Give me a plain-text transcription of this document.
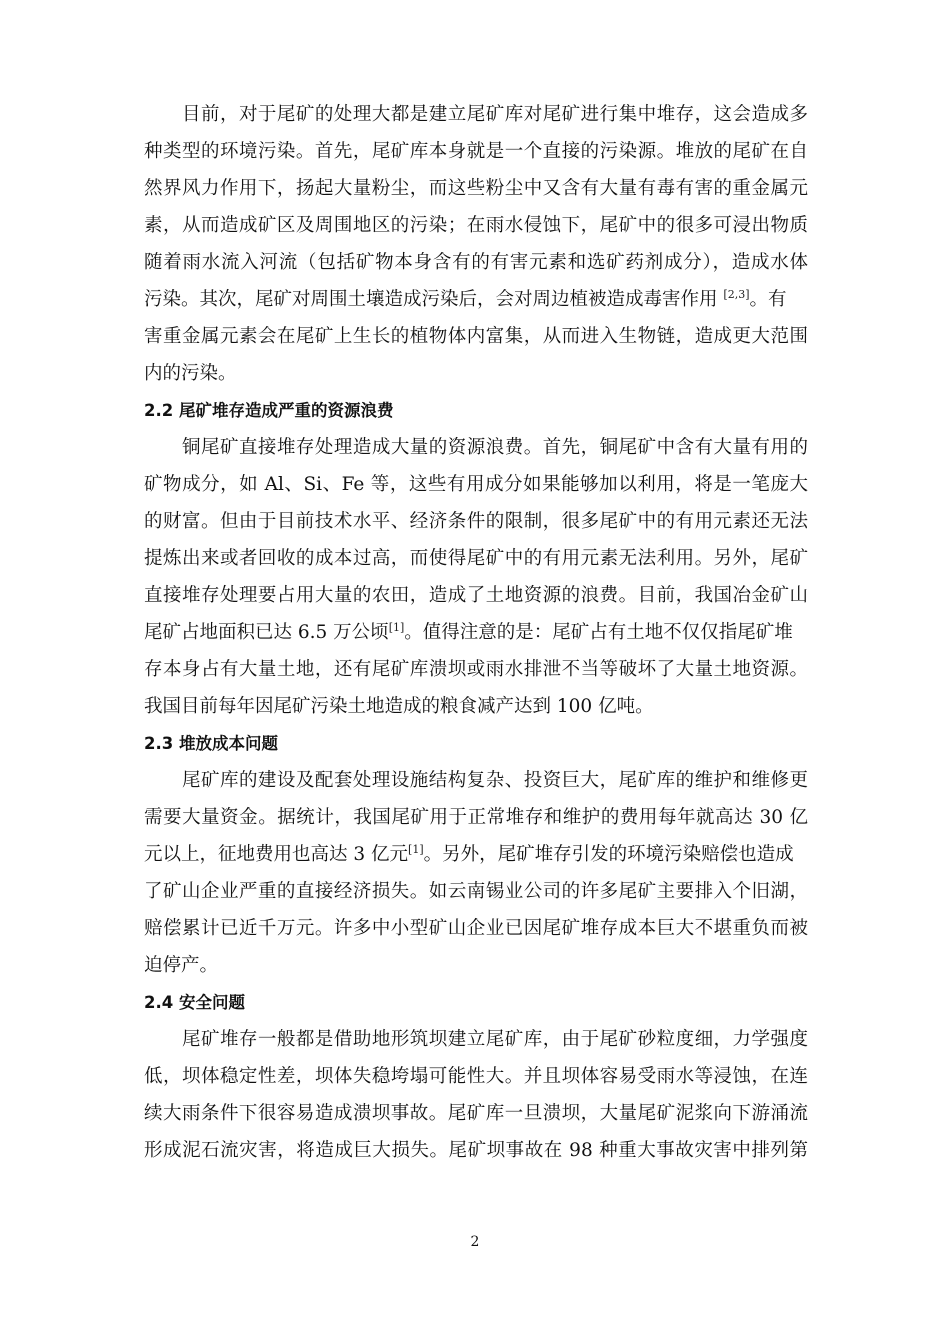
目前，对于尾矿的处理大都是建立尾矿库对尾矿进行集中堆存，这会造成多
种类型的环境污染。首先，尾矿库本身就是一个直接的污染源。堆放的尾矿在自
然界风力作用下，扬起大量粉尘，而这些粉尘中又含有大量有毒有害的重金属元
素，从而造成矿区及周围地区的污染；在雨水侵蚀下，尾矿中的很多可浸出物质
随着雨水流入河流（包括矿物本身含有的有害元素和选矿药剂成分），造成水体
污染。其次，尾矿对周围土壤造成污染后，会对周边植被造成毒害作用 [2,3]。有
害重金属元素会在尾矿上生长的植物体内富集，从而进入生物链，造成更大范围
内的污染。
2.2 尾矿堆存造成严重的资源浪费
铜尾矿直接堆存处理造成大量的资源浪费。首先，铜尾矿中含有大量有用的
矿物成分，如 Al、Si、Fe 等，这些有用成分如果能够加以利用，将是一笔庞大
的财富。但由于目前技术水平、经济条件的限制，很多尾矿中的有用元素还无法
提炼出来或者回收的成本过高，而使得尾矿中的有用元素无法利用。另外，尾矿
直接堆存处理要占用大量的农田，造成了土地资源的浪费。目前，我国冶金矿山
尾矿占地面积已达 6.5 万公顷[1]。值得注意的是：尾矿占有土地不仅仅指尾矿堆
存本身占有大量土地，还有尾矿库溃坝或雨水排泄不当等破坏了大量土地资源。
我国目前每年因尾矿污染土地造成的粮食减产达到 100 亿吨。
2.3 堆放成本问题
尾矿库的建设及配套处理设施结构复杂、投资巨大，尾矿库的维护和维修更
需要大量资金。据统计，我国尾矿用于正常堆存和维护的费用每年就高达 30 亿
元以上，征地费用也高达 3 亿元[1]。另外，尾矿堆存引发的环境污染赔偿也造成
了矿山企业严重的直接经济损失。如云南锡业公司的许多尾矿主要排入个旧湖，
赔偿累计已近千万元。许多中小型矿山企业已因尾矿堆存成本巨大不堪重负而被
迫停产。
2.4 安全问题
尾矿堆存一般都是借助地形筑坝建立尾矿库，由于尾矿砂粒度细，力学强度
低，坝体稳定性差，坝体失稳垮塌可能性大。并且坝体容易受雨水等浸蚀，在连
续大雨条件下很容易造成溃坝事故。尾矿库一旦溃坝，大量尾矿泥浆向下游涌流
形成泥石流灾害，将造成巨大损失。尾矿坝事故在 98 种重大事故灾害中排列第
2
